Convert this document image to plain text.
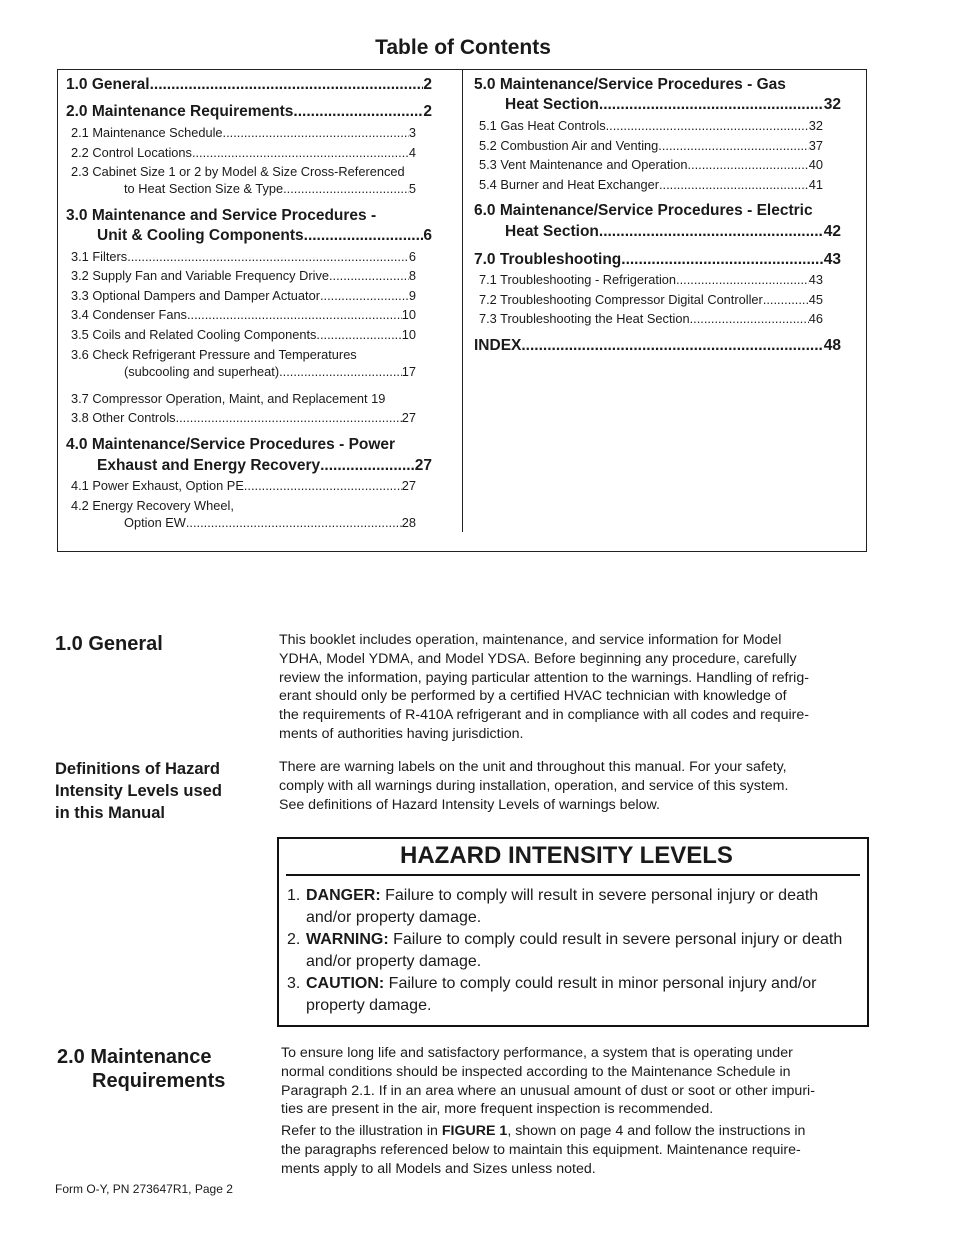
Table of Contents
1.0 General .....	2
2.0 Maintenance Requirements .....	2
2.1 Maintenance Schedule .....	3
2.2 Control Locations .....	4
2.3 Cabinet Size 1 or 2 by Model & Size Cross-Referenced
to Heat Section Size & Type .....	5
3.0 Maintenance and Service Procedures -
Unit & Cooling Components .....	6
3.1 Filters .....	6
3.2 Supply Fan and Variable Frequency Drive .....	8
3.3 Optional Dampers and Damper Actuator .....	9
3.4 Condenser Fans .....	10
3.5 Coils and Related Cooling Components .....	10
3.6 Check Refrigerant Pressure and Temperatures
(subcooling and superheat) .....	17
3.7 Compressor Operation, Maint, and Replacement 19
3.8 Other Controls .....	27
4.0 Maintenance/Service Procedures - Power
Exhaust and Energy Recovery .....	27
4.1 Power Exhaust, Option PE .....	27
4.2 Energy Recovery Wheel,
Option EW .....	28
5.0 Maintenance/Service Procedures - Gas
Heat Section .....	32
5.1 Gas Heat Controls .....	32
5.2 Combustion Air and Venting .....	37
5.3 Vent Maintenance and Operation .....	40
5.4 Burner and Heat Exchanger .....	41
6.0 Maintenance/Service Procedures - Electric
Heat Section .....	42
7.0 Troubleshooting .....	43
7.1 Troubleshooting - Refrigeration .....	43
7.2 Troubleshooting Compressor Digital Controller .....	45
7.3 Troubleshooting the Heat Section .....	46
INDEX .....	48
1.0 General	This booklet includes operation, maintenance, and service information for Model
YDHA, Model YDMA, and Model YDSA. Before beginning any procedure, carefully
review the information, paying particular attention to the warnings. Handling of refrig-
erant should only be performed by a certified HVAC technician with knowledge of
the requirements of R-410A refrigerant and in compliance with all codes and require-
ments of authorities having jurisdiction.
Definitions of Hazard
Intensity Levels used
in this Manual
There are warning labels on the unit and throughout this manual. For your safety,
comply with all warnings during installation, operation, and service of this system.
See definitions of Hazard Intensity Levels of warnings below.
HAZARD INTENSITY LEVELS
1. DANGER: Failure to comply will result in severe personal injury or death and/or property damage.
2. WARNING: Failure to comply could result in severe personal injury or death and/or property damage.
3. CAUTION: Failure to comply could result in minor personal injury and/or property damage.
2.0 Maintenance
Requirements
To ensure long life and satisfactory performance, a system that is operating under
normal conditions should be inspected according to the Maintenance Schedule in
Paragraph 2.1. If in an area where an unusual amount of dust or soot or other impuri-
ties are present in the air, more frequent inspection is recommended.
Refer to the illustration in FIGURE 1, shown on page 4 and follow the instructions in
the paragraphs referenced below to maintain this equipment. Maintenance require-
ments apply to all Models and Sizes unless noted.
Form O-Y, PN 273647R1, Page 2
